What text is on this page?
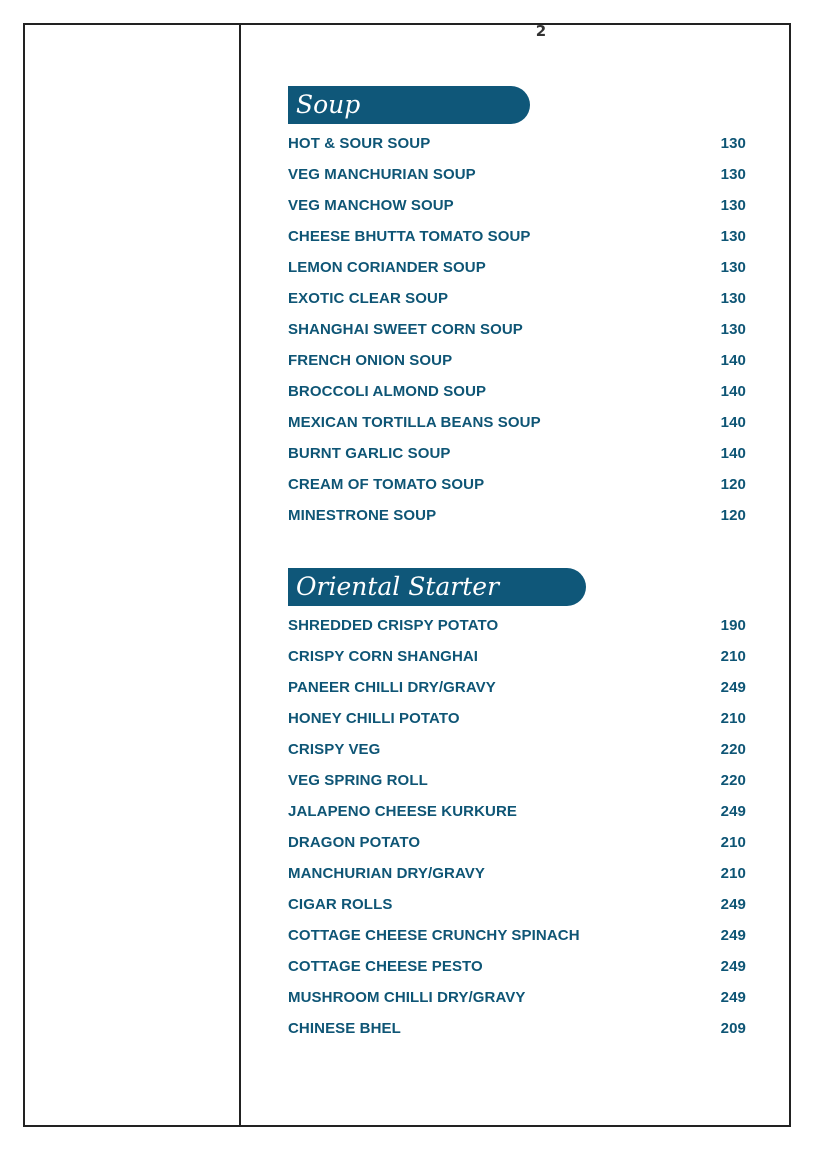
2
Soup
HOT & SOUR SOUP	130
VEG MANCHURIAN SOUP	130
VEG MANCHOW SOUP	130
CHEESE BHUTTA TOMATO SOUP	130
LEMON CORIANDER SOUP	130
EXOTIC CLEAR SOUP	130
SHANGHAI SWEET CORN SOUP	130
FRENCH ONION SOUP	140
BROCCOLI ALMOND SOUP	140
MEXICAN TORTILLA BEANS SOUP	140
BURNT GARLIC SOUP	140
CREAM OF TOMATO SOUP	120
MINESTRONE SOUP	120
Oriental Starter
SHREDDED CRISPY POTATO	190
CRISPY CORN SHANGHAI	210
PANEER CHILLI DRY/GRAVY	249
HONEY CHILLI POTATO	210
CRISPY VEG	220
VEG SPRING ROLL	220
JALAPENO CHEESE KURKURE	249
DRAGON POTATO	210
MANCHURIAN DRY/GRAVY	210
CIGAR ROLLS	249
COTTAGE CHEESE CRUNCHY SPINACH	249
COTTAGE CHEESE PESTO	249
MUSHROOM CHILLI DRY/GRAVY	249
CHINESE BHEL	209
